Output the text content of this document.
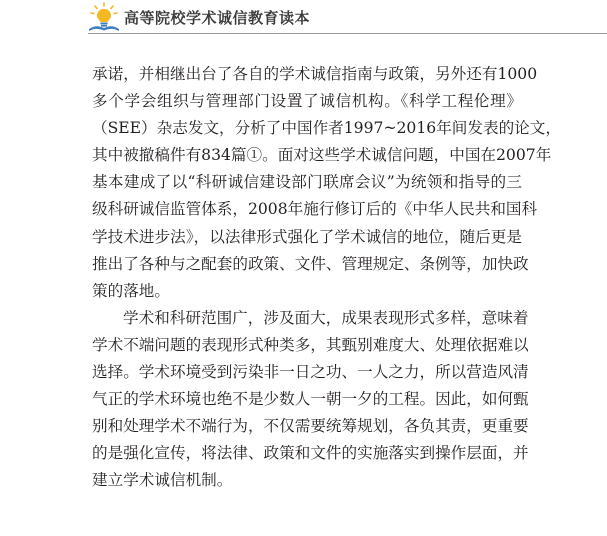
高等院校学术诚信教育读本
承诺，并相继出台了各自的学术诚信指南与政策，另外还有1000
多个学会组织与管理部门设置了诚信机构。《科学工程伦理》
（SEE）杂志发文，分析了中国作者1997~2016年间发表的论文，
其中被撤稿件有834篇①。面对这些学术诚信问题，中国在2007年
基本建成了以“科研诚信建设部门联席会议”为统领和指导的三
级科研诚信监管体系，2008年施行修订后的《中华人民共和国科
学技术进步法》，以法律形式强化了学术诚信的地位，随后更是
推出了各种与之配套的政策、文件、管理规定、条例等，加快政
策的落地。
学术和科研范围广，涉及面大，成果表现形式多样，意味着
学术不端问题的表现形式种类多，其甄别难度大、处理依据难以
选择。学术环境受到污染非一日之功、一人之力，所以营造风清
气正的学术环境也绝不是少数人一朝一夕的工程。因此，如何甄
别和处理学术不端行为，不仅需要统筹规划，各负其责，更重要
的是强化宣传，将法律、政策和文件的实施落实到操作层面，并
建立学术诚信机制。
